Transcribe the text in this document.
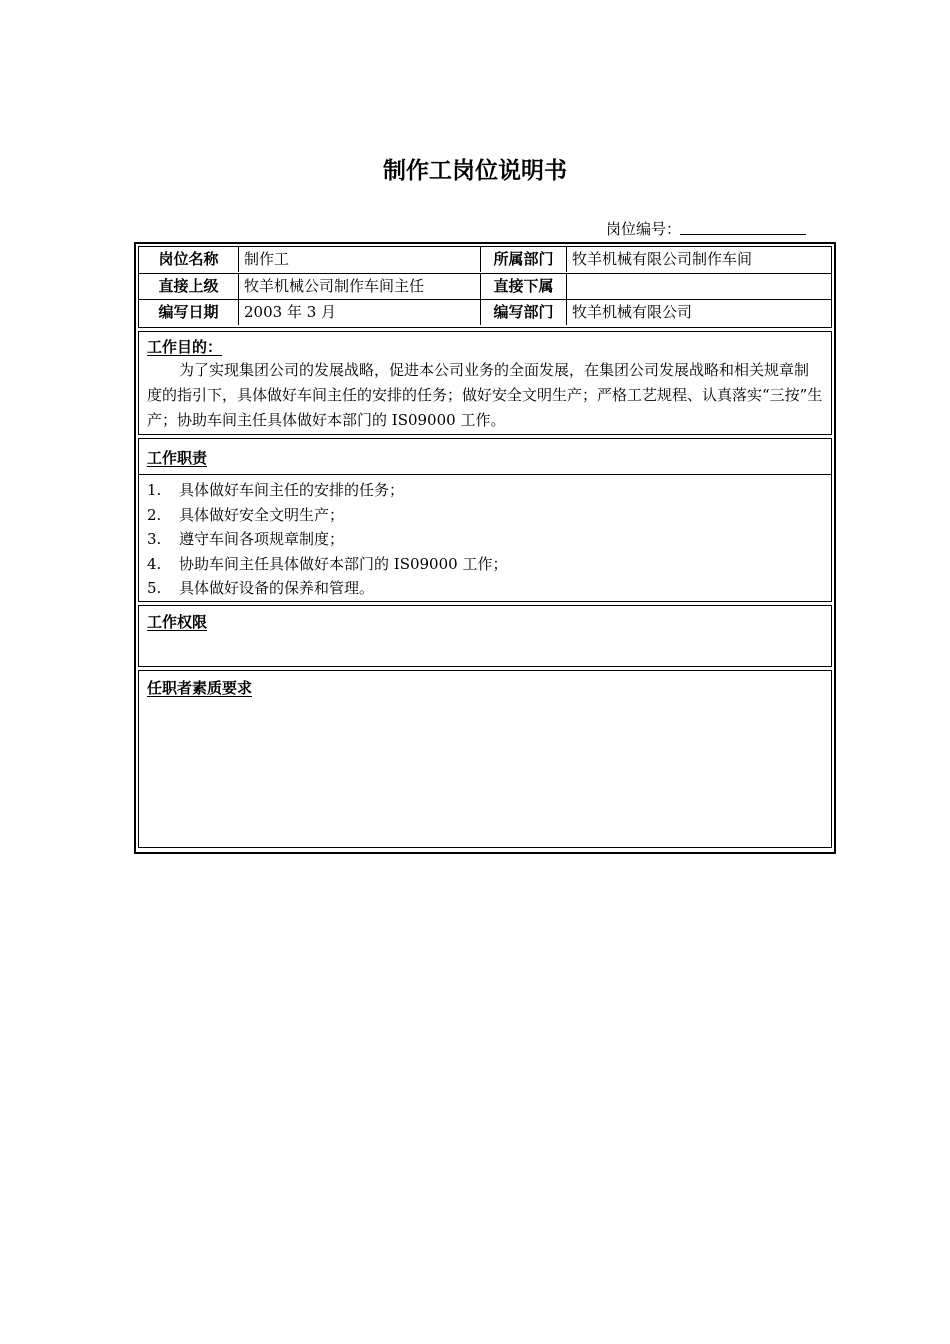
制作工岗位说明书
岗位编号：
岗位名称	制作工	所属部门	牧羊机械有限公司制作车间
直接上级	牧羊机械公司制作车间主任	直接下属
编写日期	2003 年 3 月	编写部门	牧羊机械有限公司
工作目的：
为了实现集团公司的发展战略，促进本公司业务的全面发展，在集团公司发展战略和相关规章制度的指引下，具体做好车间主任的安排的任务；做好安全文明生产；严格工艺规程、认真落实“三按”生产；协助车间主任具体做好本部门的 IS09000 工作。
工作职责
1.	具体做好车间主任的安排的任务；
2.	具体做好安全文明生产；
3.	遵守车间各项规章制度；
4.	协助车间主任具体做好本部门的 IS09000 工作；
5.	具体做好设备的保养和管理。
工作权限
任职者素质要求
